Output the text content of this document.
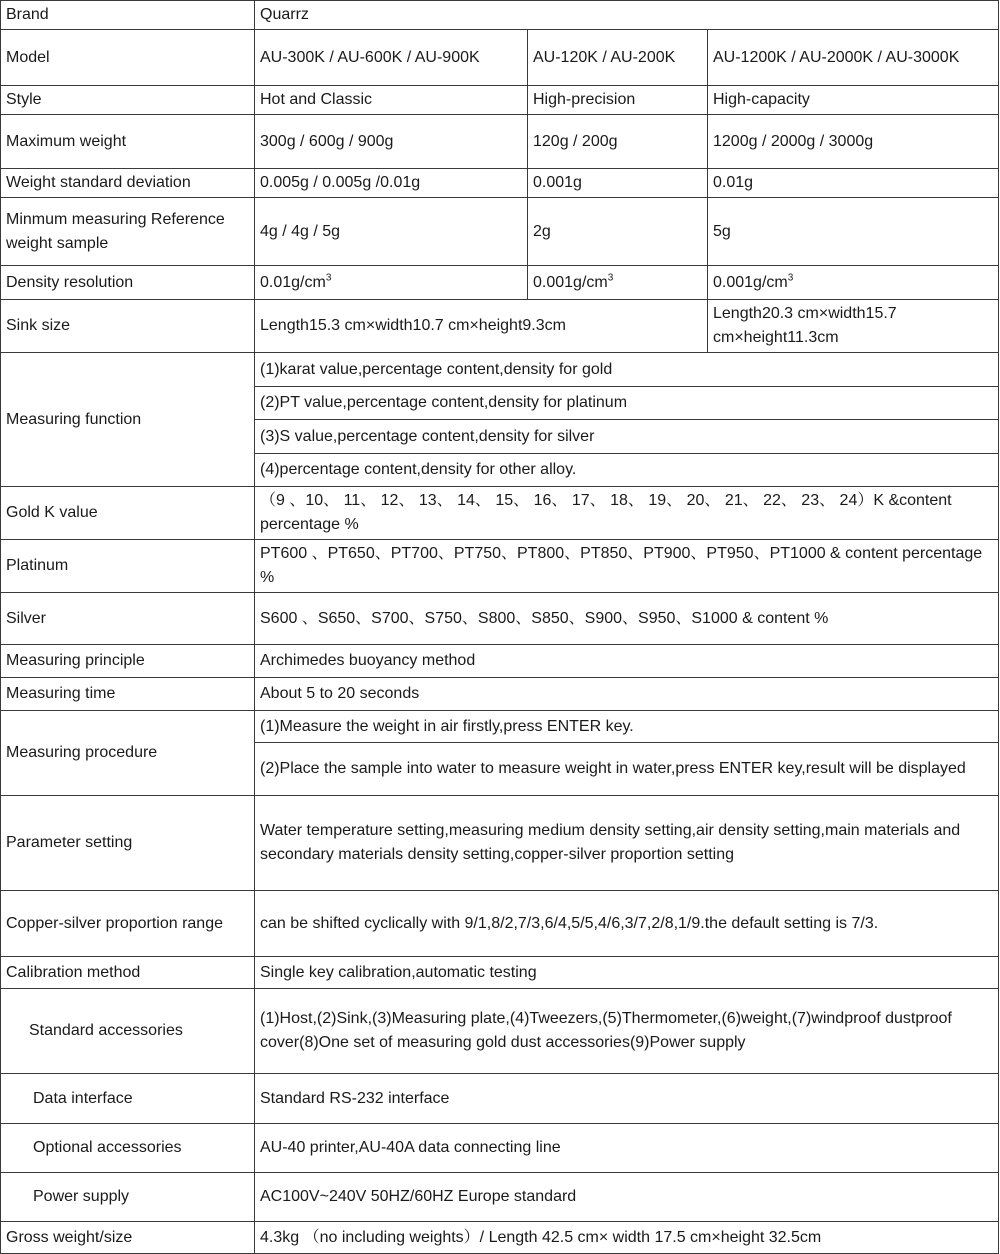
Brand	Quarrz		
Model	AU-300K / AU-600K / AU-900K	AU-120K / AU-200K	AU-1200K / AU-2000K / AU-3000K
Style	Hot and Classic	High-precision	High-capacity
Maximum weight	300g / 600g / 900g	120g / 200g	1200g / 2000g / 3000g
Weight standard deviation	0.005g / 0.005g /0.01g	0.001g	0.01g
Minmum measuring Reference weight sample	4g / 4g / 5g	2g	5g
Density resolution	$0.01g/cm^3$	$0.001g/cm^3$	$0.001g/cm^3$
Sink size	Length15.3 cm×width10.7 cm×height9.3cm		Length20.3 cm×width15.7 cm×height11.3cm
Measuring function	(1)karat value,percentage content,density for gold		
	(2)PT value,percentage content,density for platinum		
	(3)S value,percentage content,density for silver		
	(4)percentage content,density for other alloy.		
Gold K value	（9 、10、 11、 12、 13、 14、 15、 16、 17、 18、 19、 20、 21、 22、 23、 24）K &content percentage %		
Platinum	PT600 、PT650、PT700、PT750、PT800、PT850、PT900、PT950、PT1000 & content percentage %		
Silver	S600 、S650、S700、S750、S800、S850、S900、S950、S1000 & content %		
Measuring principle	Archimedes buoyancy method		
Measuring time	About 5 to 20 seconds		
Measuring procedure	(1)Measure the weight in air firstly,press ENTER key.		
	(2)Place the sample into water to measure weight in water,press ENTER key,result will be displayed		
Parameter setting	Water temperature setting,measuring medium density setting,air density setting,main materials and secondary materials density setting,copper-silver proportion setting		
Copper-silver proportion range	can be shifted cyclically with 9/1,8/2,7/3,6/4,5/5,4/6,3/7,2/8,1/9.the default setting is 7/3.		
Calibration method	Single key calibration,automatic testing		
Standard accessories	(1)Host,(2)Sink,(3)Measuring plate,(4)Tweezers,(5)Thermometer,(6)weight,(7)windproof dustproof cover(8)One set of measuring gold dust accessories(9)Power supply		
Data interface	Standard RS-232 interface		
Optional accessories	AU-40 printer,AU-40A data connecting line		
Power supply	AC100V~240V 50HZ/60HZ Europe standard		
Gross weight/size	4.3kg （no including weights）/ Length 42.5 cm× width 17.5 cm×height 32.5cm		
